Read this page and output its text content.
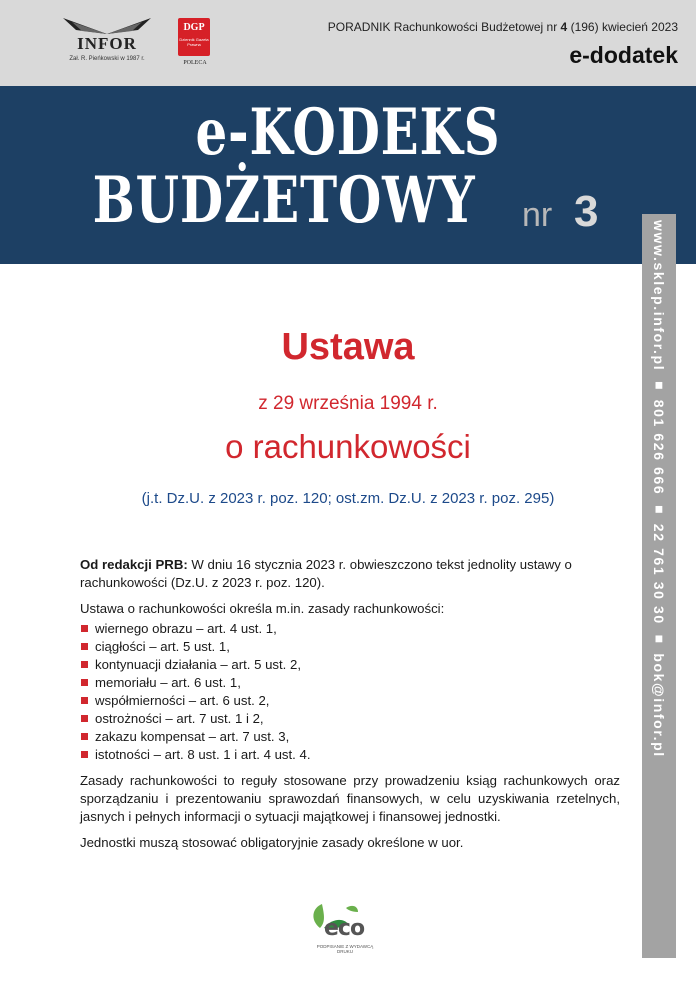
INFOR
Zał. R. Pieńkowski w 1987 r.
DGP
Dziennik Gazeta Prawna
POLECA
PORADNIK Rachunkowości Budżetowej nr 4 (196) kwiecień 2023
e-dodatek
e-KODEKS
BUDŻETOWY	nr 3
www.sklep.infor.pl ■ 801 626 666 ■ 22 761 30 30 ■ bok@infor.pl
Ustawa
z 29 września 1994 r.
o rachunkowości
(j.t. Dz.U. z 2023 r. poz. 120; ost.zm. Dz.U. z 2023 r. poz. 295)

Od redakcji PRB: W dniu 16 stycznia 2023 r. obwieszczono tekst jednolity ustawy o rachunkowości (Dz.U. z 2023 r. poz. 120).

Ustawa o rachunkowości określa m.in. zasady rachunkowości:

wiernego obrazu – art. 4 ust. 1,
ciągłości – art. 5 ust. 1,
kontynuacji działania – art. 5 ust. 2,
memoriału – art. 6 ust. 1,
współmierności – art. 6 ust. 2,
ostrożności – art. 7 ust. 1 i 2,
zakazu kompensat – art. 7 ust. 3,
istotności – art. 8 ust. 1 i art. 4 ust. 4.

Zasady rachunkowości to reguły stosowane przy prowadzeniu ksiąg rachunkowych oraz sporządzaniu i prezentowaniu sprawozdań finansowych, w celu uzyskiwania rzetelnych, jasnych i pełnych informacji o sytuacji majątkowej i finansowej jednostki.

Jednostki muszą stosować obligatoryjnie zasady określone w uor.

eco
PODPISANIE Z WYDAWCĄ DRUKU
